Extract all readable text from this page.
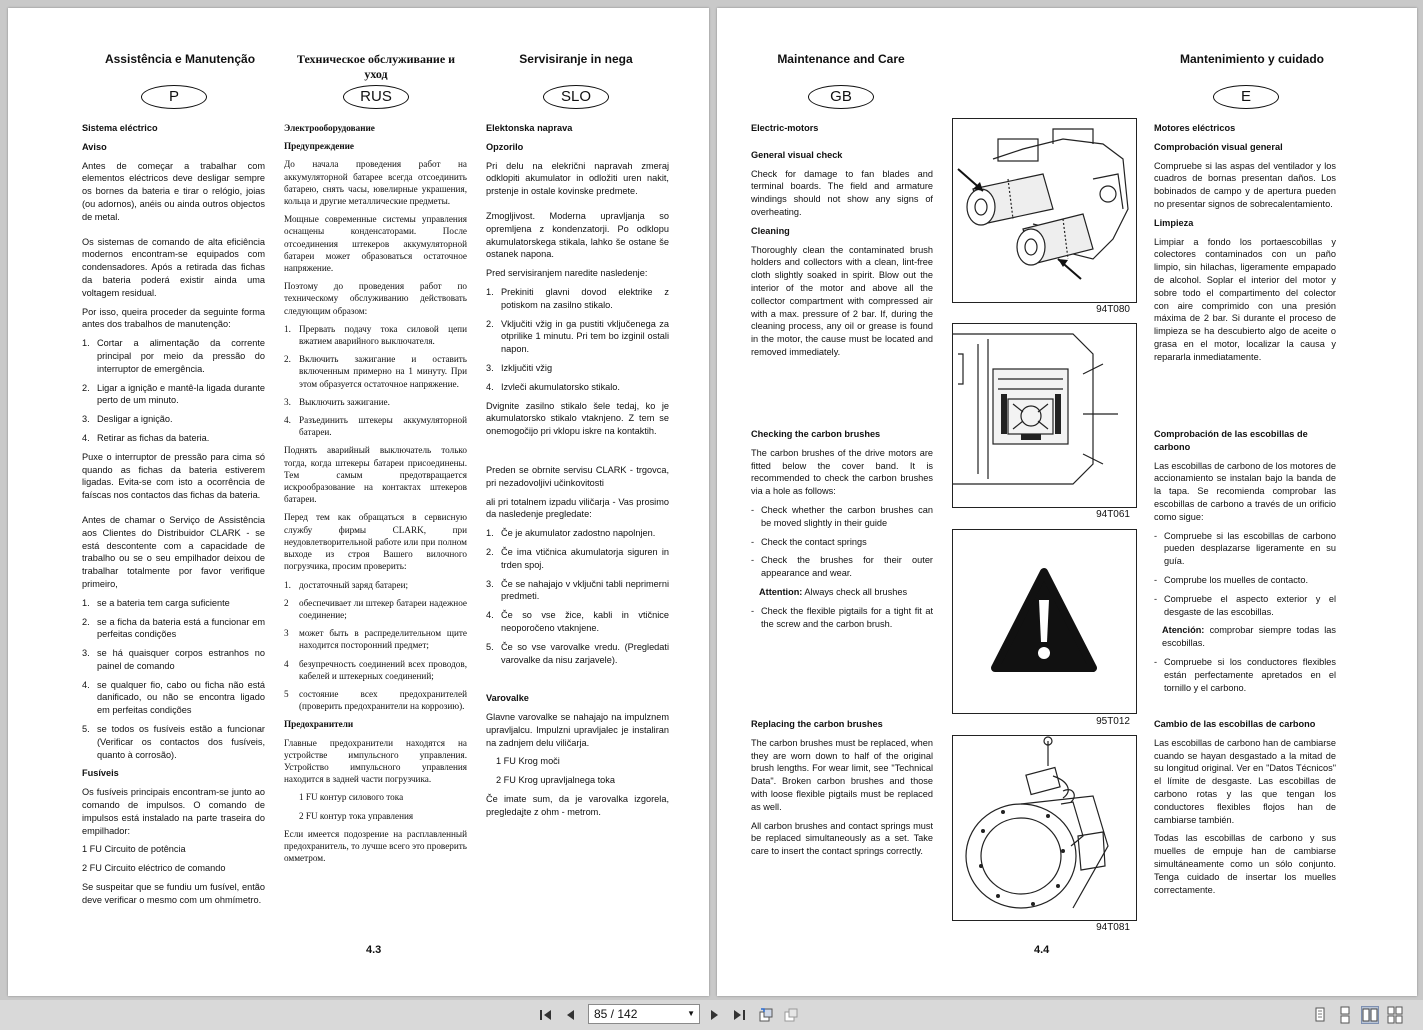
Assistência e Manutenção
P
Sistema eléctrico
Aviso

Antes de começar a trabalhar com elementos eléctricos deve desligar sempre os bornes da bateria e tirar o relógio, joias (ou adornos), anéis ou ainda outros objectos de metal.

Os sistemas de comando de alta eficiência modernos encontram-se equipados com condensadores. Após a retirada das fichas da bateria poderá existir ainda uma voltagem residual.

Por isso, queira proceder da seguinte forma antes dos trabalhos de manutenção:

1. Cortar a alimentação da corrente principal por meio da pressão do interruptor de emergência.
2. Ligar a ignição e mantê-la ligada durante perto de um minuto.
3. Desligar a ignição.
4. Retirar as fichas da bateria.

Puxe o interruptor de pressão para cima só quando as fichas da bateria estiverem ligadas. Evita-se com isto a ocorrência de faíscas nos contactos das fichas da bateria.

Antes de chamar o Serviço de Assistência aos Clientes do Distribuidor CLARK - se está descontente com a capacidade de trabalho ou se o seu empilhador deixou de trabalhar totalmente por favor verifique primeiro,

1. se a bateria tem carga suficiente
2. se a ficha da bateria está a funcionar em perfeitas condições
3. se há quaisquer corpos estranhos no painel de comando
4. se qualquer fio, cabo ou ficha não está danificado, ou não se encontra ligado em perfeitas condições
5. se todos os fusíveis estão a funcionar (Verificar os contactos dos fusíveis, quanto à corrosão).
Fusíveis

Os fusíveis principais encontram-se junto ao comando de impulsos. O comando de impulsos está instalado na parte traseira do empilhador:

1 FU Circuito de potência

2 FU Circuito eléctrico de comando

Se suspeitar que se fundiu um fusível, então deve verificar o mesmo com um ohmímetro.

Техническое обслуживание и уход
RUS
Электрооборудование
Предупреждение

До начала проведения работ на аккумуляторной батарее всегда отсоединить батарею, снять часы, ювелирные украшения, кольца и другие металлические предметы.

Мощные современные системы управления оснащены конденсаторами. После отсоединения штекеров аккумуляторной батареи может образоваться остаточное напряжение.

Поэтому до проведения работ по техническому обслуживанию действовать следующим образом:

1. Прервать подачу тока силовой цепи вжатием аварийного выключателя.
2. Включить зажигание и оставить включенным примерно на 1 минуту. При этом образуется остаточное напряжение.
3. Выключить зажигание.
4. Разъединить штекеры аккумуляторной батареи.

Поднять аварийный выключатель только тогда, когда штекеры батареи присоединены. Тем самым предотвращается искрообразование на контактах штекеров батареи.

Перед тем как обращаться в сервисную службу фирмы CLARK, при неудовлетворительной работе или при полном выходе из строя Вашего вилочного погрузчика, просим проверить:

1. достаточный заряд батареи;
2	обеспечивает ли штекер батареи надежное соединение;
3	может быть в распределительном щите находится посторонний предмет;
4	безупречность соединений всех проводов, кабелей и штекерных соединений;
5	состояние всех предохранителей (проверить предохранители на коррозию).
Предохранители

Главные предохранители находятся на устройстве импульсного управления. Устройство импульсного управления находится в задней части погрузчика.

1 FU контур силового тока

2 FU контур тока управления

Если имеется подозрение на расплавленный предохранитель, то лучше всего это проверить омметром.

Servisiranje in nega
SLO
Elektonska naprava
Opzorilo

Pri delu na elekrični napravah zmeraj odklopiti akumulator in odložiti uren nakit, prstenje in ostale kovinske predmete.

Zmogljivost. Moderna upravljanja so opremljena z kondenzatorji. Po odklopu akumulatorskega stikala, lahko še ostane še ostanek napona.

Pred servisiranjem naredite nasledenje:

1. Prekiniti glavni dovod elektrike z potiskom na zasilno stikalo.
2. Vključiti vžig in ga pustiti vključenega za otprilike 1 minutu. Pri tem bo izginil ostali napon.
3. Izključiti vžig
4. Izvleči akumulatorsko stikalo.

Dvignite zasilno stikalo šele tedaj, ko je akumulatorsko stikalo vtaknjeno. Z tem se onemogočijo pri vklopu iskre na kontaktih.

Preden se obrnite servisu CLARK - trgovca, pri nezadovoljivi učinkovitosti

ali pri totalnem izpadu viličarja - Vas prosimo da nasledenje pregledate:

1. Če je akumulator zadostno napolnjen.
2. Če ima vtičnica akumulatorja siguren in trden spoj.
3. Če se nahajajo v vključni tabli neprimerni predmeti.
4. Če so vse žice, kabli in vtičnice neoporočeno vtaknjene.
5. Če so vse varovalke vredu. (Pregledati varovalke da nisu zarjavele).
Varovalke

Glavne varovalke se nahajajo na impulznem upravljalcu. Impulzni upravljalec je instaliran na zadnjem delu viličarja.

1 FU Krog moči

2 FU Krog upravljalnega toka

Če imate sum, da je varovalka izgorela, pregledajte z ohm - metrom.

4.3
Maintenance and Care
GB
Electric-motors
General visual check

Check for damage to fan blades and terminal boards. The field and armature windings should not show any signs of overheating.

Cleaning

Thoroughly clean the contaminated brush holders and collectors with a clean, lint-free cloth slightly soaked in spirit. Blow out the interior of the motor and above all the collector compartment with compressed air with a max. pressure of 2 bar. If, during the cleaning process, any oil or grease is found in the motor, the cause must be located and removed immediately.

Checking the carbon brushes

The carbon brushes of the drive motors are fitted below the cover band. It is recommended to check the carbon brushes via a hole as follows:

- Check whether the carbon brushes can be moved slightly in their guide
- Check the contact springs
- Check the brushes for their outer appearance and wear.

Attention: Always check all brushes

- Check the flexible pigtails for a tight fit at the screw and the carbon brush.
Replacing the carbon brushes

The carbon brushes must be replaced, when they are worn down to half of the original brush lengths. For wear limit, see "Technical Data". Broken carbon brushes and those with loose flexible pigtails must be replaced as well.

All carbon brushes and contact springs must be replaced simultaneously as a set. Take care to insert the contact springs correctly.

94T080
94T061
95T012
94T081
Mantenimiento y cuidado
E
Motores eléctricos
Comprobación visual general

Compruebe si las aspas del ventilador y los cuadros de bornas presentan daños. Los bobinados de campo y de apertura pueden no presentar signos de sobrecalentamiento.

Limpieza

Limpiar a fondo los portaescobillas y colectores contaminados con un paño limpio, sin hilachas, ligeramente empapado de alcohol. Soplar el interior del motor y sobre todo el compartimento del colector con aire comprimido con una presión máxima de 2 bar. Si durante el proceso de limpieza se ha descubierto algo de aceite o grasa en el motor, localizar la causa y repararla inmediatamente.

Comprobación de las escobillas de carbono

Las escobillas de carbono de los motores de accionamiento se instalan bajo la banda de la tapa. Se recomienda comprobar las escobillas de carbono a través de un orificio como sigue:

- Compruebe si las escobillas de carbono pueden desplazarse ligeramente en su guía.
- Comprube los muelles de contacto.
- Compruebe el aspecto exterior y el desgaste de las escobillas.

Atención: comprobar siempre todas las escobillas.

- Compruebe si los conductores flexibles están perfectamente apretados en el tornillo y el carbono.
Cambio de las escobillas de carbono

Las escobillas de carbono han de cambiarse cuando se hayan desgastado a la mitad de su longitud original. Ver en "Datos Técnicos" el límite de desgaste. Las escobillas de carbono rotas y las que tengan los conductores flexibles flojos han de cambiarse también.

Todas las escobillas de carbono y sus muelles de empuje han de cambiarse simultáneamente como un sólo conjunto. Tenga cuidado de insertar los muelles correctamente.

4.4
85 / 142	▼
